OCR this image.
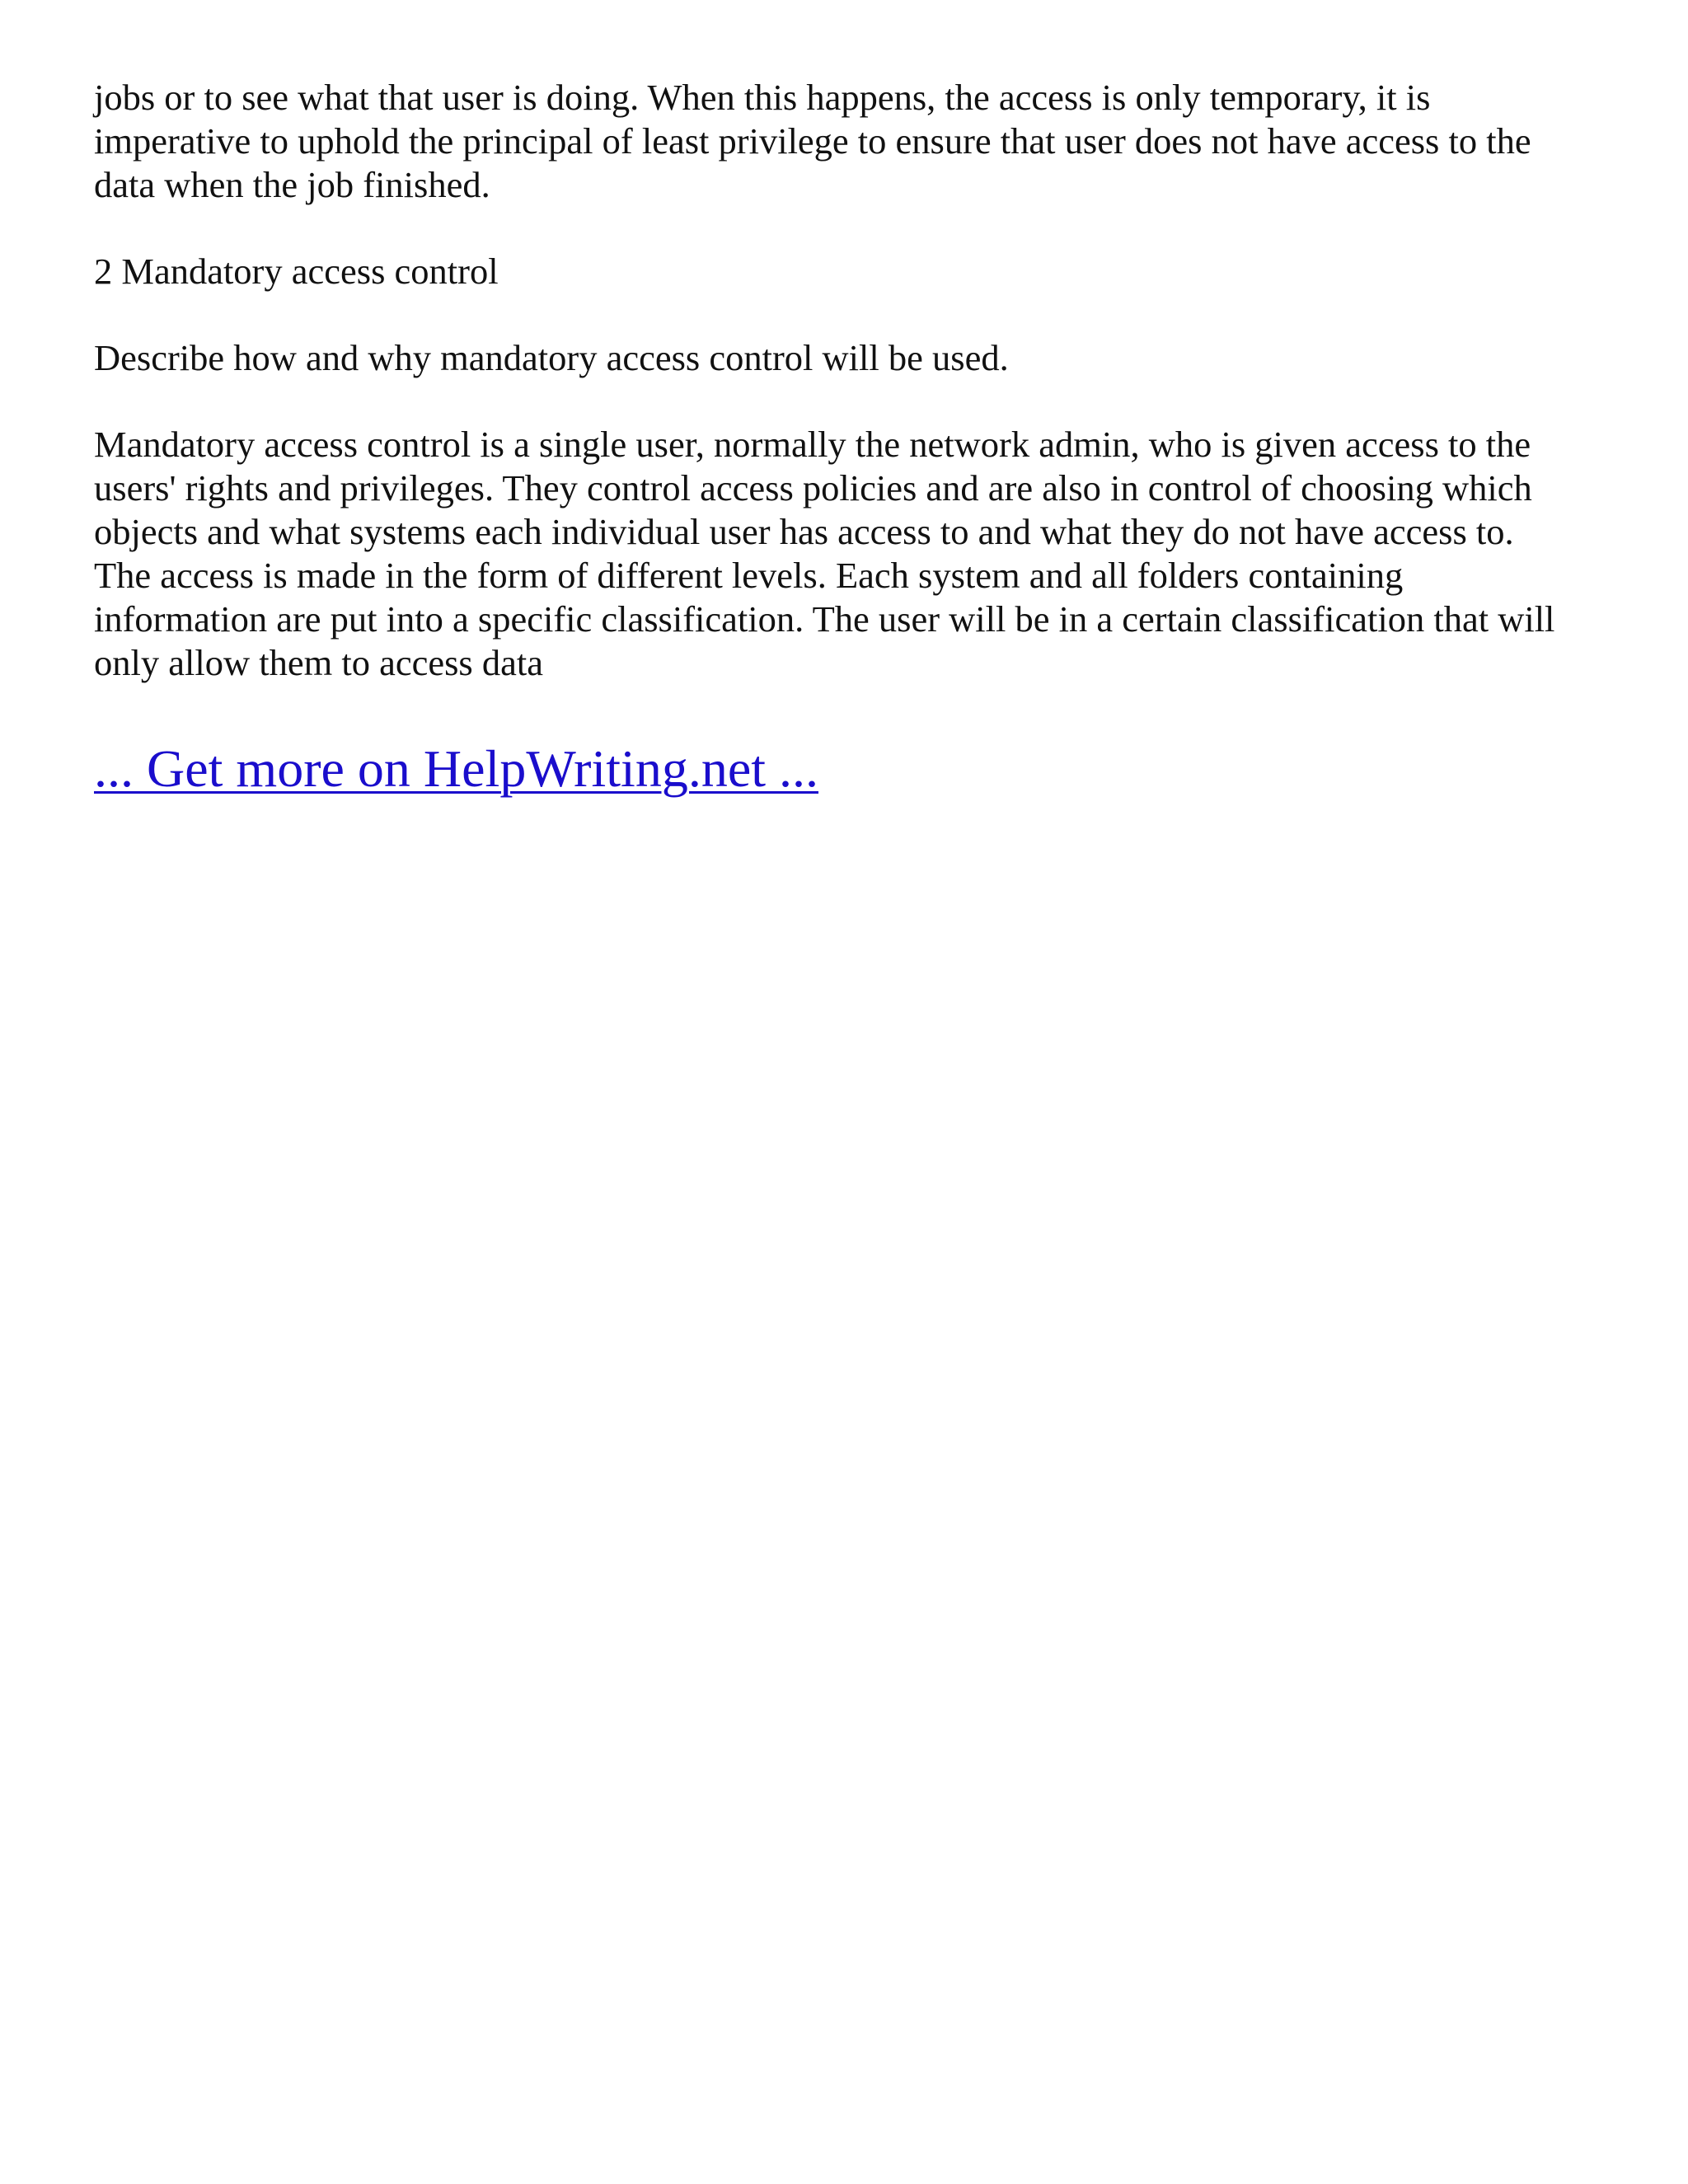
jobs or to see what that user is doing. When this happens, the access is only temporary, it is
imperative to uphold the principal of least privilege to ensure that user does not have access to the
data when the job finished.
2 Mandatory access control
Describe how and why mandatory access control will be used.
Mandatory access control is a single user, normally the network admin, who is given access to the
users' rights and privileges. They control access policies and are also in control of choosing which
objects and what systems each individual user has access to and what they do not have access to.
The access is made in the form of different levels. Each system and all folders containing
information are put into a specific classification. The user will be in a certain classification that will
only allow them to access data
... Get more on HelpWriting.net ...
